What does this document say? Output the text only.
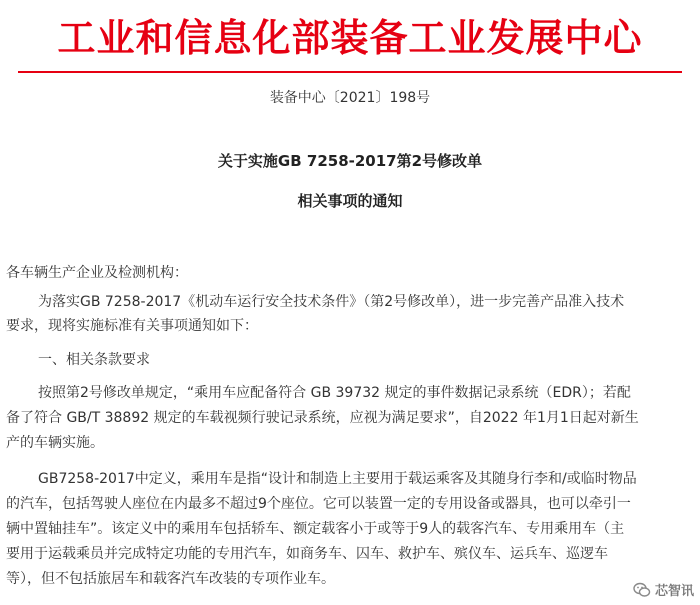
工业和信息化部装备工业发展中心
装备中心〔2021〕198号
关于实施GB 7258-2017第2号修改单
相关事项的通知
各车辆生产企业及检测机构：
为落实GB 7258-2017《机动车运行安全技术条件》（第2号修改单），进一步完善产品准入技术
要求，现将实施标准有关事项通知如下：
一、相关条款要求
按照第2号修改单规定，“乘用车应配备符合 GB 39732 规定的事件数据记录系统（EDR）；若配
备了符合 GB/T 38892 规定的车载视频行驶记录系统，应视为满足要求”，自2022 年1月1日起对新生
产的车辆实施。
GB7258-2017中定义，乘用车是指“设计和制造上主要用于载运乘客及其随身行李和/或临时物品
的汽车，包括驾驶人座位在内最多不超过9个座位。它可以装置一定的专用设备或器具，也可以牵引一
辆中置轴挂车”。该定义中的乘用车包括轿车、额定载客小于或等于9人的载客汽车、专用乘用车（主
要用于运载乘员并完成特定功能的专用汽车，如商务车、囚车、救护车、殡仪车、运兵车、巡逻车
等），但不包括旅居车和载客汽车改装的专项作业车。
芯智讯
